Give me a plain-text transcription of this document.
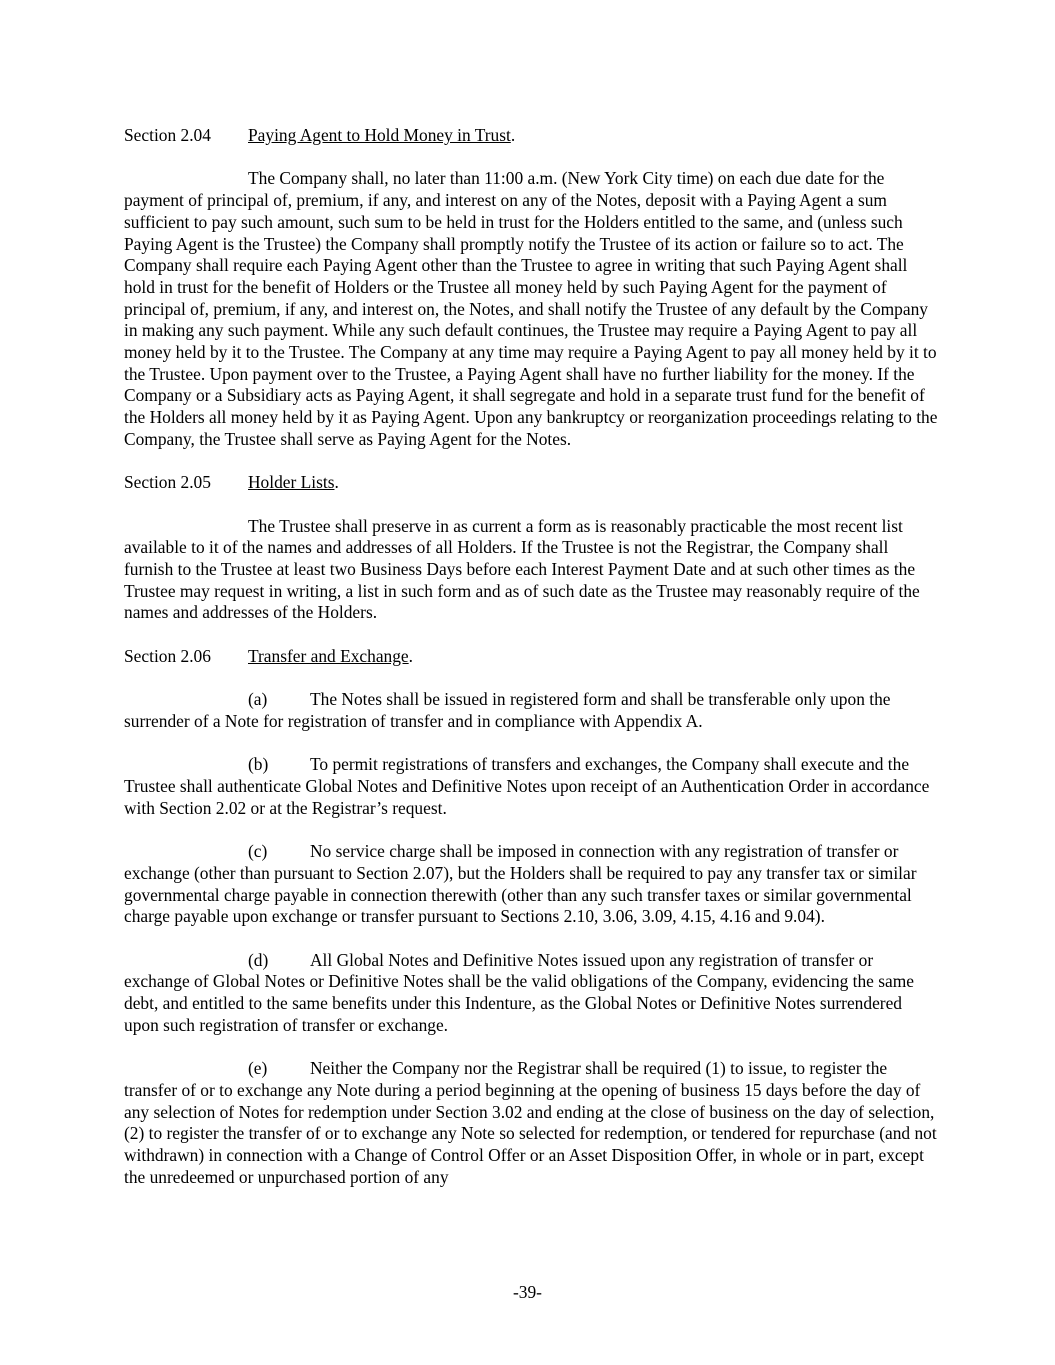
Section 2.04 Paying Agent to Hold Money in Trust.

The Company shall, no later than 11:00 a.m. (New York City time) on each due date for the payment of principal of, premium, if any, and interest on any of the Notes, deposit with a Paying Agent a sum sufficient to pay such amount, such sum to be held in trust for the Holders entitled to the same, and (unless such Paying Agent is the Trustee) the Company shall promptly notify the Trustee of its action or failure so to act. The Company shall require each Paying Agent other than the Trustee to agree in writing that such Paying Agent shall hold in trust for the benefit of Holders or the Trustee all money held by such Paying Agent for the payment of principal of, premium, if any, and interest on, the Notes, and shall notify the Trustee of any default by the Company in making any such payment. While any such default continues, the Trustee may require a Paying Agent to pay all money held by it to the Trustee. The Company at any time may require a Paying Agent to pay all money held by it to the Trustee. Upon payment over to the Trustee, a Paying Agent shall have no further liability for the money. If the Company or a Subsidiary acts as Paying Agent, it shall segregate and hold in a separate trust fund for the benefit of the Holders all money held by it as Paying Agent. Upon any bankruptcy or reorganization proceedings relating to the Company, the Trustee shall serve as Paying Agent for the Notes.

Section 2.05 Holder Lists.

The Trustee shall preserve in as current a form as is reasonably practicable the most recent list available to it of the names and addresses of all Holders. If the Trustee is not the Registrar, the Company shall furnish to the Trustee at least two Business Days before each Interest Payment Date and at such other times as the Trustee may request in writing, a list in such form and as of such date as the Trustee may reasonably require of the names and addresses of the Holders.

Section 2.06 Transfer and Exchange.

(a) The Notes shall be issued in registered form and shall be transferable only upon the surrender of a Note for registration of transfer and in compliance with Appendix A.

(b) To permit registrations of transfers and exchanges, the Company shall execute and the Trustee shall authenticate Global Notes and Definitive Notes upon receipt of an Authentication Order in accordance with Section 2.02 or at the Registrar’s request.

(c) No service charge shall be imposed in connection with any registration of transfer or exchange (other than pursuant to Section 2.07), but the Holders shall be required to pay any transfer tax or similar governmental charge payable in connection therewith (other than any such transfer taxes or similar governmental charge payable upon exchange or transfer pursuant to Sections 2.10, 3.06, 3.09, 4.15, 4.16 and 9.04).

(d) All Global Notes and Definitive Notes issued upon any registration of transfer or exchange of Global Notes or Definitive Notes shall be the valid obligations of the Company, evidencing the same debt, and entitled to the same benefits under this Indenture, as the Global Notes or Definitive Notes surrendered upon such registration of transfer or exchange.

(e) Neither the Company nor the Registrar shall be required (1) to issue, to register the transfer of or to exchange any Note during a period beginning at the opening of business 15 days before the day of any selection of Notes for redemption under Section 3.02 and ending at the close of business on the day of selection, (2) to register the transfer of or to exchange any Note so selected for redemption, or tendered for repurchase (and not withdrawn) in connection with a Change of Control Offer or an Asset Disposition Offer, in whole or in part, except the unredeemed or unpurchased portion of any

-39-
